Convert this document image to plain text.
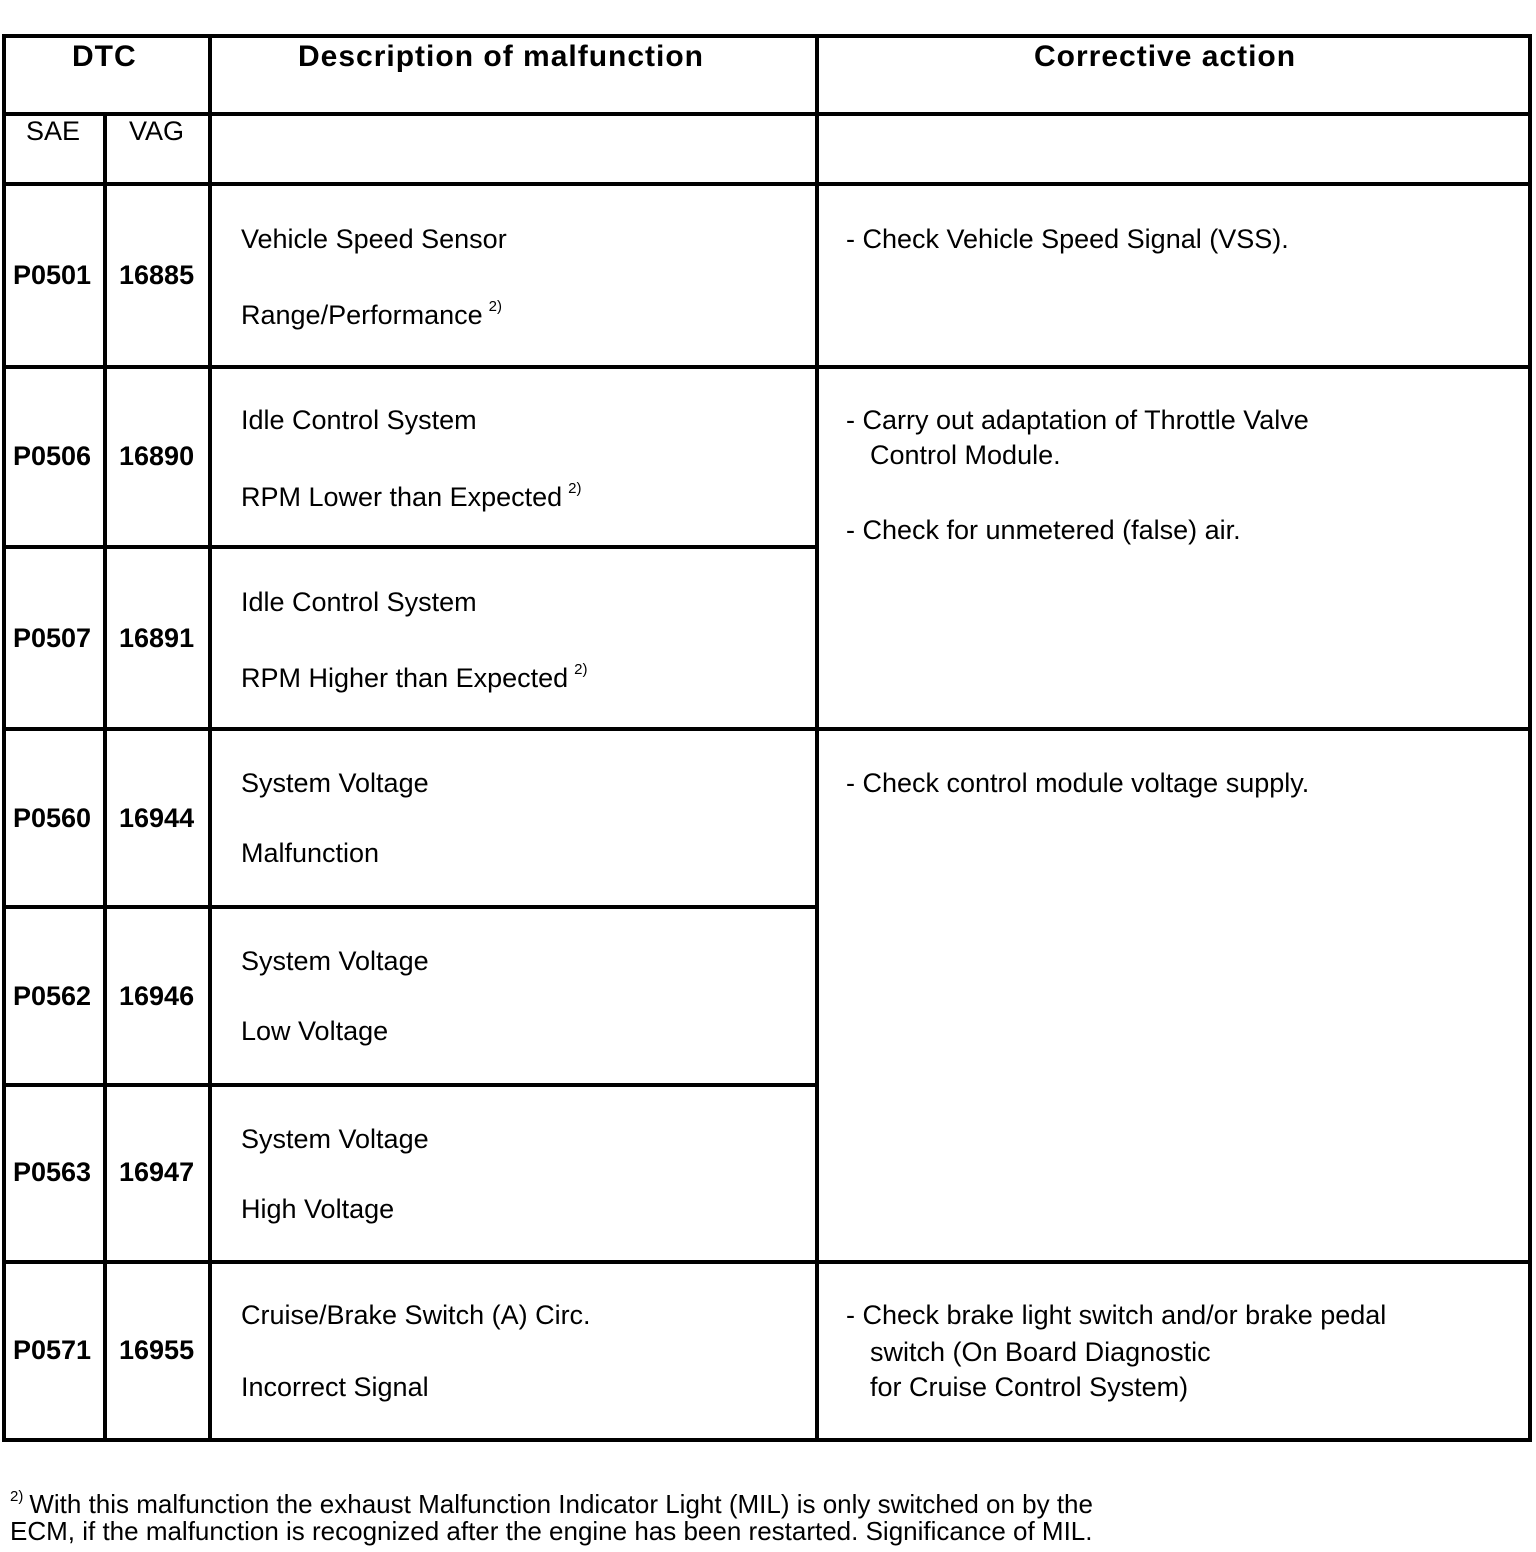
DTC	Description of malfunction	Corrective action
SAE VAG
P0501 16885
Vehicle Speed Sensor
Range/Performance $^{2)}$
P0506 16890
Idle Control System
RPM Lower than Expected $^{2)}$
P0507 16891
Idle Control System
RPM Higher than Expected $^{2)}$
P0560 16944
System Voltage
Malfunction
P0562 16946
System Voltage
Low Voltage
P0563 16947
System Voltage
High Voltage
P0571 16955
Cruise/Brake Switch (A) Circ.
Incorrect Signal
- Check Vehicle Speed Signal (VSS).
- Carry out adaptation of Throttle Valve
Control Module.
- Check for unmetered (false) air.
- Check control module voltage supply.
- Check brake light switch and/or brake pedal
switch (On Board Diagnostic
for Cruise Control System)
$^{2)}$ With this malfunction the exhaust Malfunction Indicator Light (MIL) is only switched on by the
ECM, if the malfunction is recognized after the engine has been restarted. Significance of MIL.
